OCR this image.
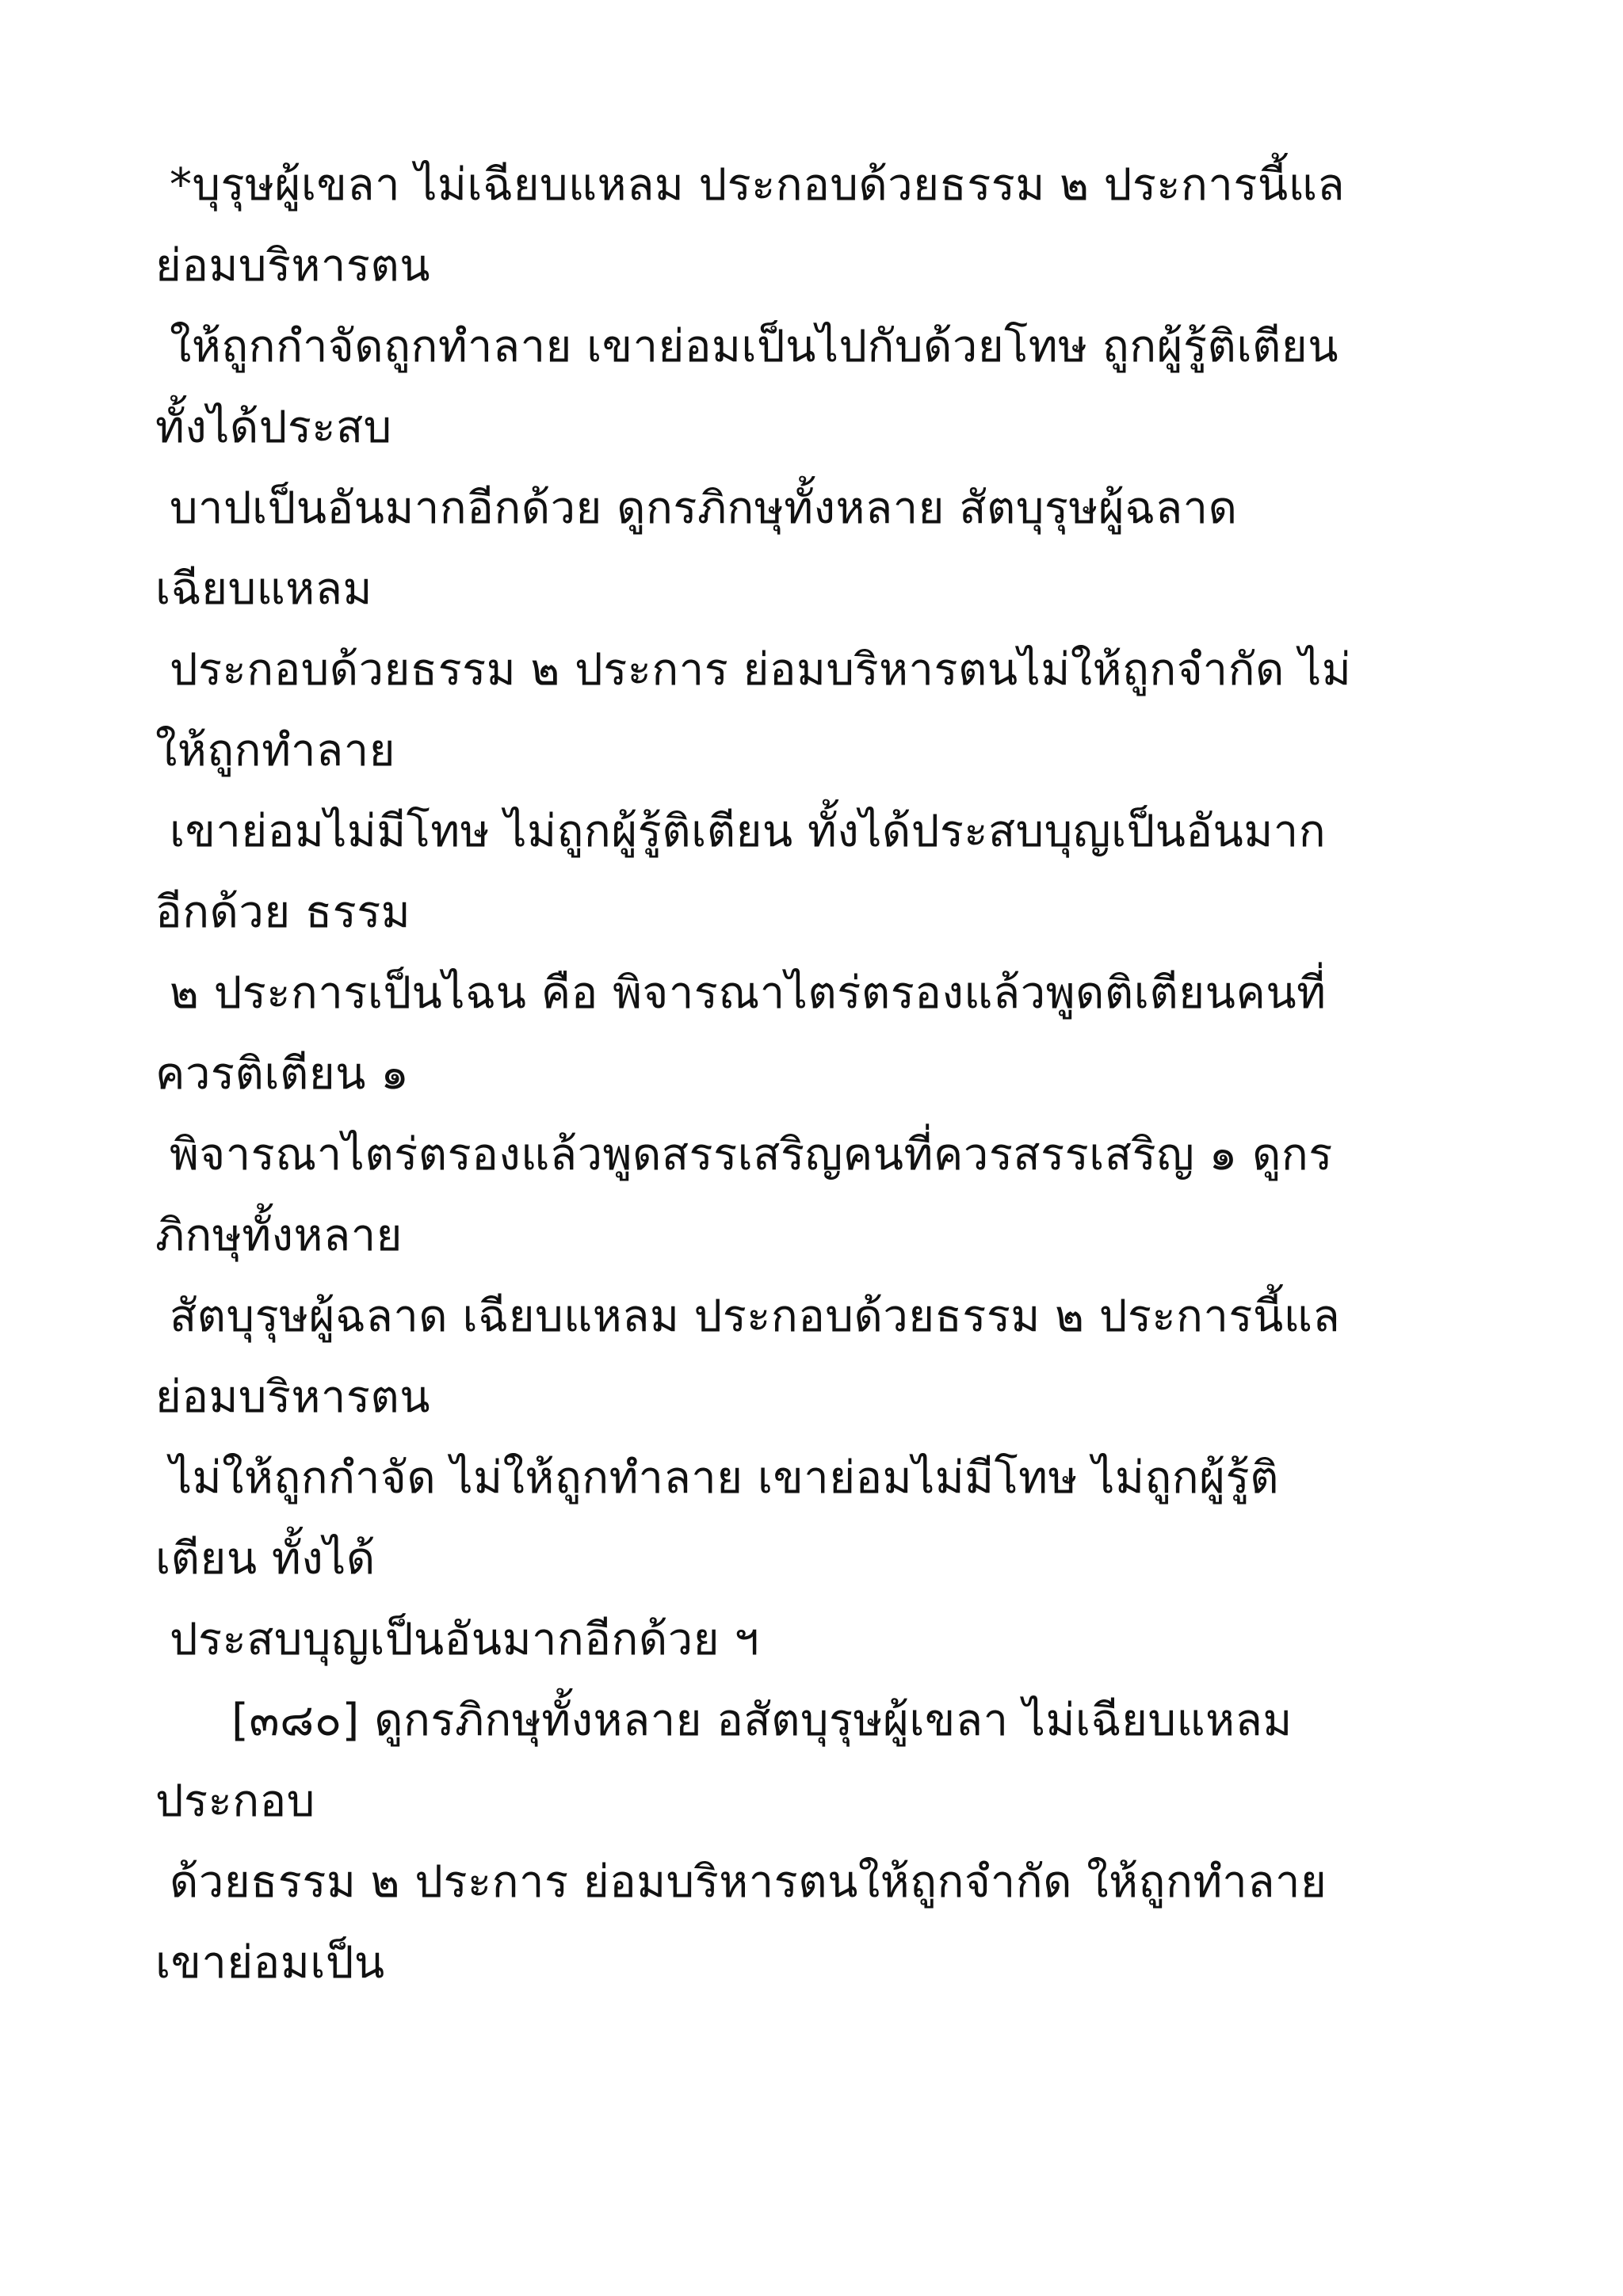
*บุรุษผู้เขลา ไม่เฉียบแหลม ประกอบด้วยธรรม ๒ ประการนี้แล
ย่อมบริหารตน
ให้ถูกกำจัดถูกทำลาย เขาย่อมเป็นไปกับด้วยโทษ ถูกผู้รู้ติเตียน
ทั้งได้ประสบ
บาปเป็นอันมากอีกด้วย ดูกรภิกษุทั้งหลาย สัตบุรุษผู้ฉลาด
เฉียบแหลม
ประกอบด้วยธรรม ๒ ประการ ย่อมบริหารตนไม่ให้ถูกจำกัด ไม่
ให้ถูกทำลาย
เขาย่อมไม่มีโทษ ไม่ถูกผู้รู้ติเตียน ทั้งได้ประสบบุญเป็นอันมาก
อีกด้วย ธรรม
๒ ประการเป็นไฉน คือ พิจารณาไตร่ตรองแล้วพูดติเตียนคนที่
ควรติเตียน ๑
พิจารณาไตร่ตรองแล้วพูดสรรเสริญคนที่ควรสรรเสริญ ๑ ดูกร
ภิกษุทั้งหลาย
สัตบุรุษผู้ฉลาด เฉียบแหลม ประกอบด้วยธรรม ๒ ประการนี้แล
ย่อมบริหารตน
ไม่ให้ถูกกำจัด ไม่ให้ถูกทำลาย เขาย่อมไม่มีโทษ ไม่ถูกผู้รู้ติ
เตียน ทั้งได้
ประสบบุญเป็นอันมากอีกด้วย ฯ
[๓๘๐] ดูกรภิกษุทั้งหลาย อสัตบุรุษผู้เขลา ไม่เฉียบแหลม
ประกอบ
ด้วยธรรม ๒ ประการ ย่อมบริหารตนให้ถูกจำกัด ให้ถูกทำลาย
เขาย่อมเป็น
